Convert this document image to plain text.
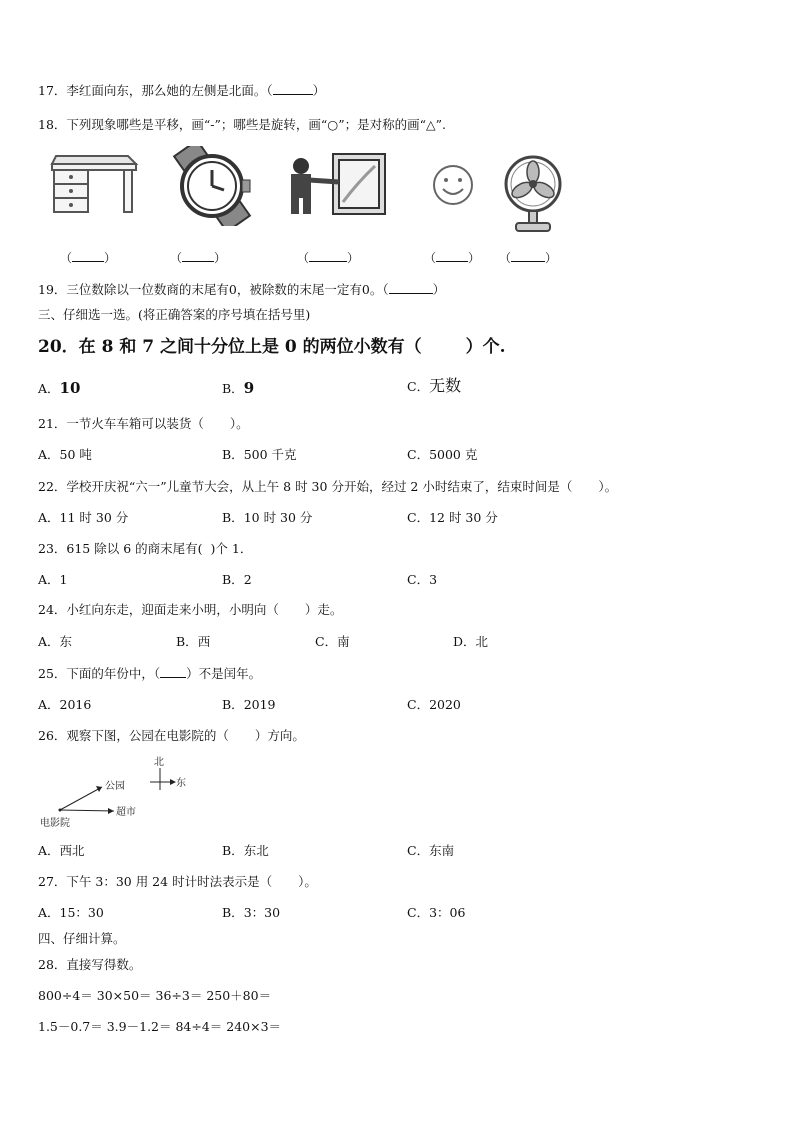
17．李红面向东，那么她的左侧是北面。（	）
18．下列现象哪些是平移，画“-”；哪些是旋转，画“○”；是对称的画“△”.
（	）	（	）	（	）	（	） （	）
19．三位数除以一位数商的末尾有0，被除数的末尾一定有0。（	）
三、仔细选一选。(将正确答案的序号填在括号里)
20．在 8 和 7 之间十分位上是 0 的两位小数有（	）个.
A．10	B．9	C．无数
21．一节火车车箱可以装货（ ）。
A．50 吨	B．500 千克	C．5000 克
22．学校开庆祝“六一”儿童节大会，从上午 8 时 30 分开始，经过 2 小时结束了，结束时间是（ ）。
A．11 时 30 分	B．10 时 30 分	C．12 时 30 分
23．615 除以 6 的商末尾有( )个 1．
A．1	B．2	C．3
24．小红向东走，迎面走来小明，小明向（ ）走。
A．东	B．西	C．南	D．北
25．下面的年份中，（ ）不是闰年。
A．2016	B．2019	C．2020
26．观察下图，公园在电影院的（ ）方向。
北
东
公园
超市
电影院
A．西北	B．东北	C．东南
27．下午 3：30 用 24 时计时法表示是（ ）。
A．15：30	B．3：30	C．3：06
四、仔细计算。
28．直接写得数。
800÷4＝ 30×50＝ 36÷3＝ 250＋80＝
1.5－0.7＝ 3.9－1.2＝ 84÷4＝ 240×3＝
